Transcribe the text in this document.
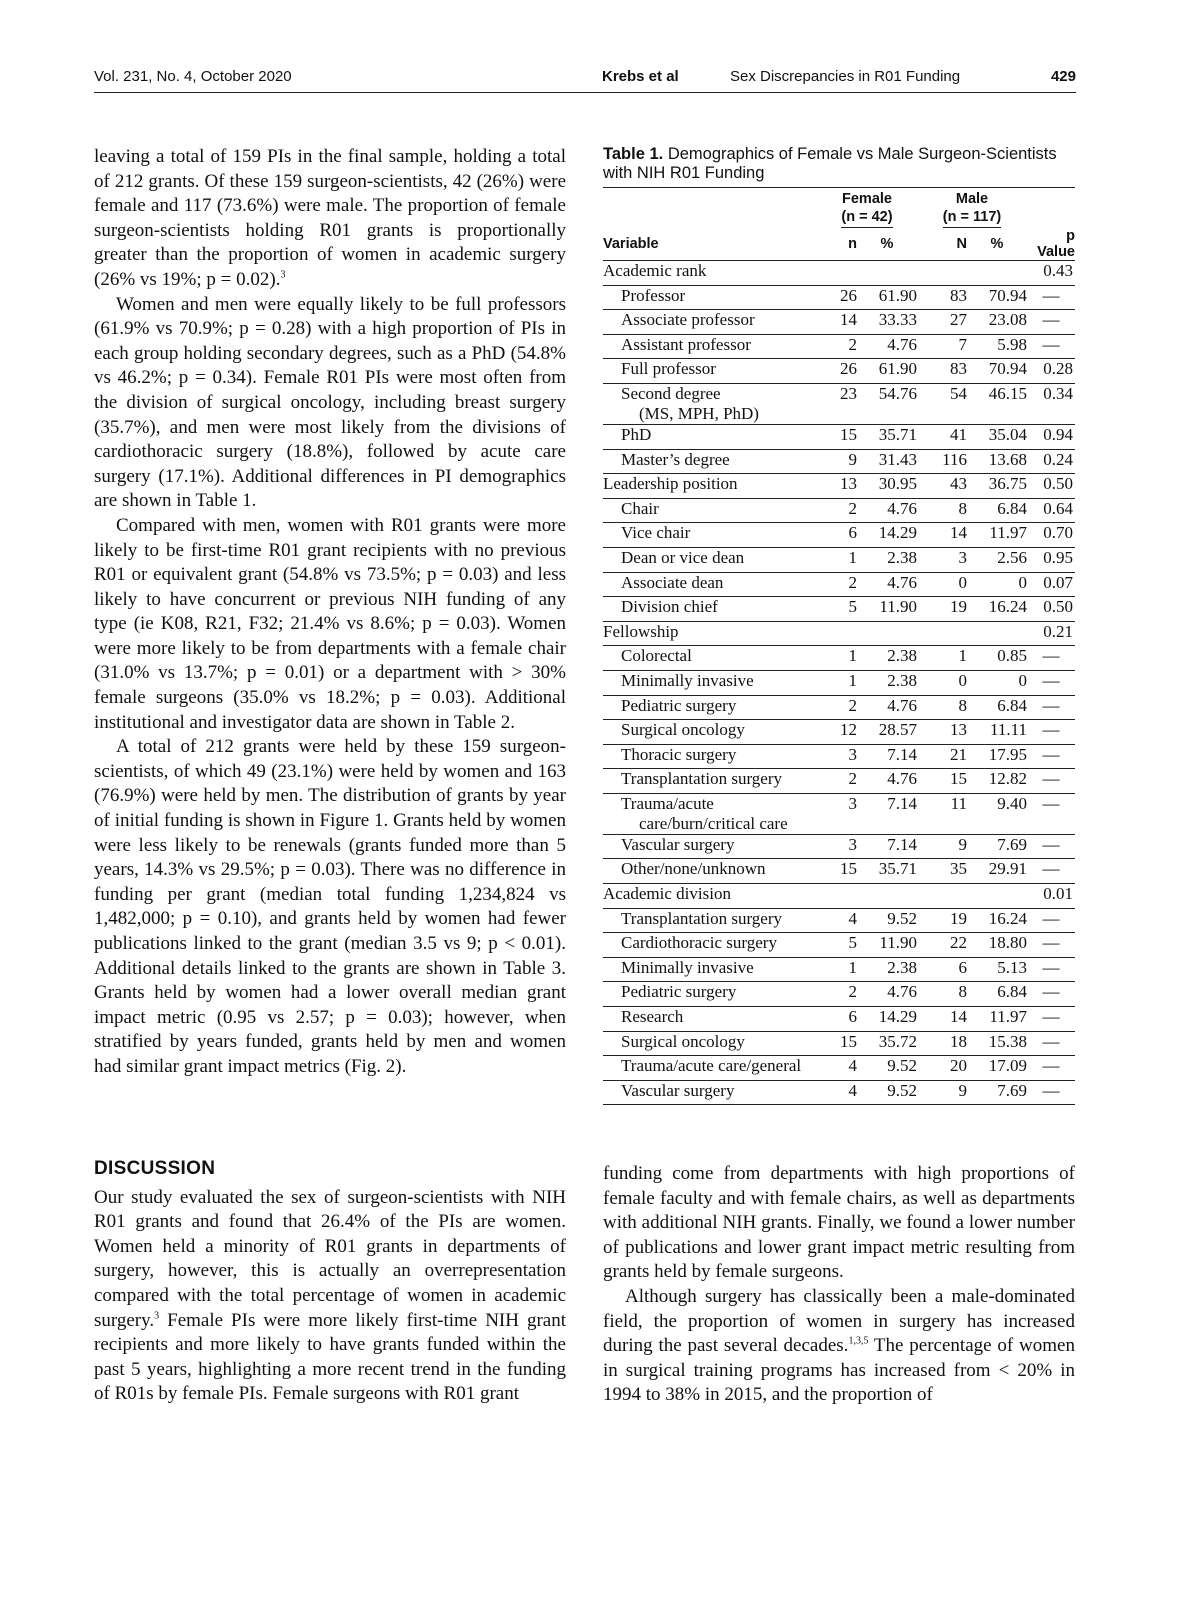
Vol. 231, No. 4, October 2020	Krebs et al	Sex Discrepancies in R01 Funding	429

leaving a total of 159 PIs in the final sample, holding a total of 212 grants. Of these 159 surgeon-scientists, 42 (26%) were female and 117 (73.6%) were male. The proportion of female surgeon-scientists holding R01 grants is proportionally greater than the proportion of women in academic surgery (26% vs 19%; p = 0.02).$^3$

Women and men were equally likely to be full professors (61.9% vs 70.9%; p = 0.28) with a high proportion of PIs in each group holding secondary degrees, such as a PhD (54.8% vs 46.2%; p = 0.34). Female R01 PIs were most often from the division of surgical oncology, including breast surgery (35.7%), and men were most likely from the divisions of cardiothoracic surgery (18.8%), followed by acute care surgery (17.1%). Additional differences in PI demographics are shown in Table 1.

Compared with men, women with R01 grants were more likely to be first-time R01 grant recipients with no previous R01 or equivalent grant (54.8% vs 73.5%; p = 0.03) and less likely to have concurrent or previous NIH funding of any type (ie K08, R21, F32; 21.4% vs 8.6%; p = 0.03). Women were more likely to be from departments with a female chair (31.0% vs 13.7%; p = 0.01) or a department with > 30% female surgeons (35.0% vs 18.2%; p = 0.03). Additional institutional and investigator data are shown in Table 2.

A total of 212 grants were held by these 159 surgeon-scientists, of which 49 (23.1%) were held by women and 163 (76.9%) were held by men. The distribution of grants by year of initial funding is shown in Figure 1. Grants held by women were less likely to be renewals (grants funded more than 5 years, 14.3% vs 29.5%; p = 0.03). There was no difference in funding per grant (median total funding 1,234,824 vs 1,482,000; p = 0.10), and grants held by women had fewer publications linked to the grant (median 3.5 vs 9; p < 0.01). Additional details linked to the grants are shown in Table 3. Grants held by women had a lower overall median grant impact metric (0.95 vs 2.57; p = 0.03); however, when stratified by years funded, grants held by men and women had similar grant impact metrics (Fig. 2).

Table 1. Demographics of Female vs Male Surgeon-Scientists with NIH R01 Funding
	Female
(n = 42)		Male
(n = 117)		
Variable	n	%	N	%	p Value
Academic rank					0.43
Professor	26	61.90	83	70.94	—
Associate professor	14	33.33	27	23.08	—
Assistant professor	2	4.76	7	5.98	—
Full professor	26	61.90	83	70.94	0.28
Second degree
(MS, MPH, PhD)	23	54.76	54	46.15	0.34
PhD	15	35.71	41	35.04	0.94
Master’s degree	9	31.43	116	13.68	0.24
Leadership position	13	30.95	43	36.75	0.50
Chair	2	4.76	8	6.84	0.64
Vice chair	6	14.29	14	11.97	0.70
Dean or vice dean	1	2.38	3	2.56	0.95
Associate dean	2	4.76	0	0	0.07
Division chief	5	11.90	19	16.24	0.50
Fellowship					0.21
Colorectal	1	2.38	1	0.85	—
Minimally invasive	1	2.38	0	0	—
Pediatric surgery	2	4.76	8	6.84	—
Surgical oncology	12	28.57	13	11.11	—
Thoracic surgery	3	7.14	21	17.95	—
Transplantation surgery	2	4.76	15	12.82	—
Trauma/acute
care/burn/critical care	3	7.14	11	9.40	—
Vascular surgery	3	7.14	9	7.69	—
Other/none/unknown	15	35.71	35	29.91	—
Academic division					0.01
Transplantation surgery	4	9.52	19	16.24	—
Cardiothoracic surgery	5	11.90	22	18.80	—
Minimally invasive	1	2.38	6	5.13	—
Pediatric surgery	2	4.76	8	6.84	—
Research	6	14.29	14	11.97	—
Surgical oncology	15	35.72	18	15.38	—
Trauma/acute care/general	4	9.52	20	17.09	—
Vascular surgery	4	9.52	9	7.69	—
DISCUSSION

Our study evaluated the sex of surgeon-scientists with NIH R01 grants and found that 26.4% of the PIs are women. Women held a minority of R01 grants in departments of surgery, however, this is actually an overrepresentation compared with the total percentage of women in academic surgery.$^3$ Female PIs were more likely first-time NIH grant recipients and more likely to have grants funded within the past 5 years, highlighting a more recent trend in the funding of R01s by female PIs. Female surgeons with R01 grant

funding come from departments with high proportions of female faculty and with female chairs, as well as departments with additional NIH grants. Finally, we found a lower number of publications and lower grant impact metric resulting from grants held by female surgeons.

Although surgery has classically been a male-dominated field, the proportion of women in surgery has increased during the past several decades.$^{1,3,5}$ The percentage of women in surgical training programs has increased from < 20% in 1994 to 38% in 2015, and the proportion of
